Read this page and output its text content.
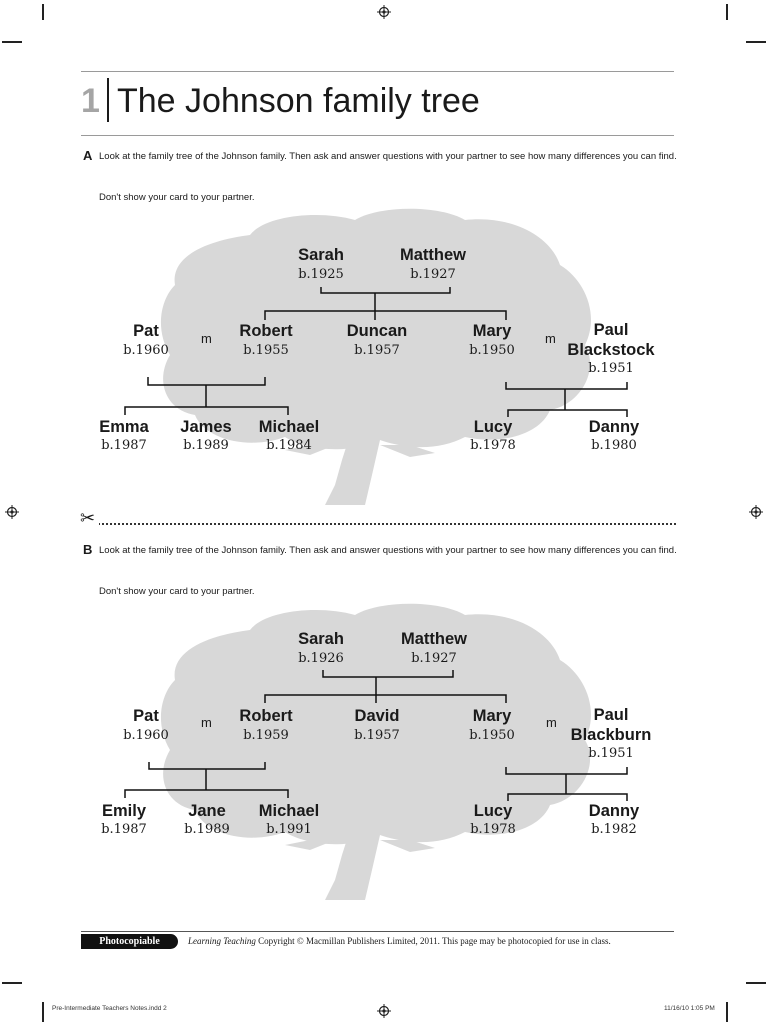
1 The Johnson family tree
A Look at the family tree of the Johnson family. Then ask and answer questions with your partner to see how many differences you can find.
Don't show your card to your partner.
Sarah
b.1925
Matthew
b.1927
Pat
b.1960
m	Robert
b.1955
Duncan
b.1957
Mary
b.1950
m	Paul Blackstock
b.1951
Emma
b.1987
James
b.1989
Michael
b.1984
Lucy
b.1978
Danny
b.1980
✂
B Look at the family tree of the Johnson family. Then ask and answer questions with your partner to see how many differences you can find.
Don't show your card to your partner.
Sarah
b.1926
Matthew
b.1927
Pat
b.1960
m	Robert
b.1959
David
b.1957
Mary
b.1950
m	Paul Blackburn
b.1951
Emily
b.1987
Jane
b.1989
Michael
b.1991
Lucy
b.1978
Danny
b.1982
Photocopiable	Learning Teaching Copyright © Macmillan Publishers Limited, 2011. This page may be photocopied for use in class.
Pre-Intermediate Teachers Notes.indd 2	11/16/10 1:05 PM
